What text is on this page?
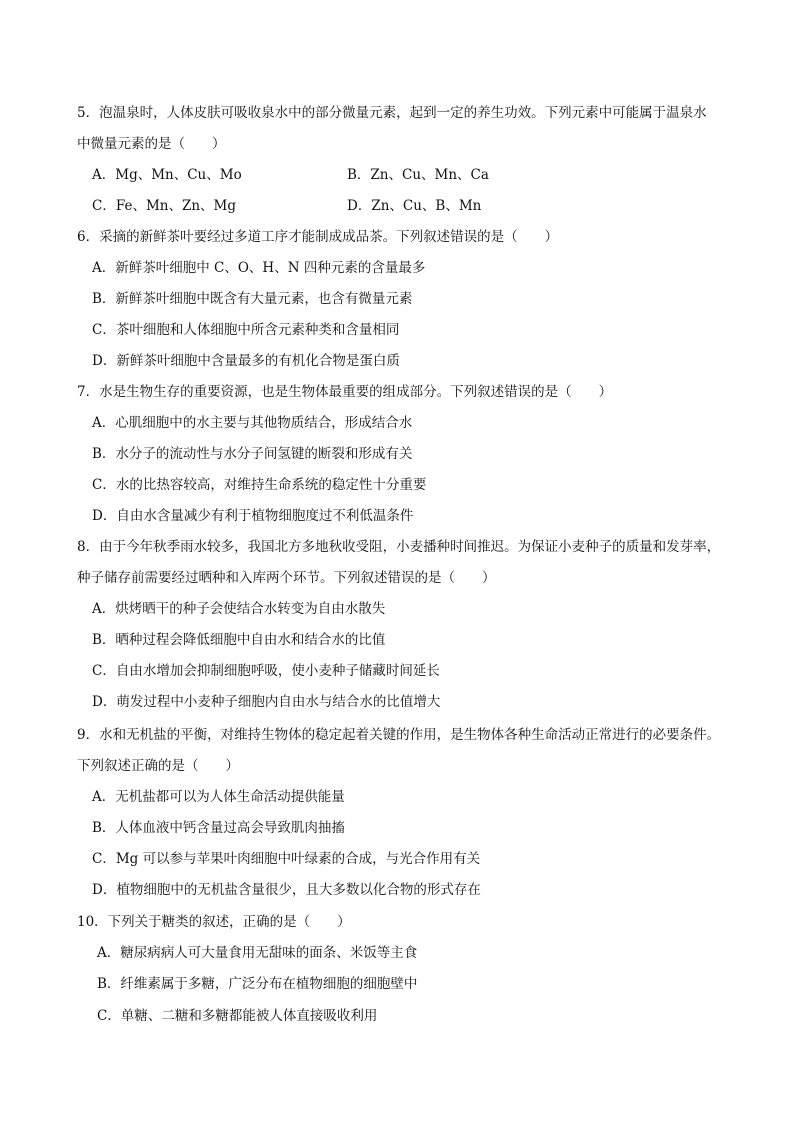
5．泡温泉时，人体皮肤可吸收泉水中的部分微量元素，起到一定的养生功效。下列元素中可能属于温泉水
中微量元素的是（　　）
A．Mg、Mn、Cu、Mo	B．Zn、Cu、Mn、Ca
C．Fe、Mn、Zn、Mg	D．Zn、Cu、B、Mn
6．采摘的新鲜茶叶要经过多道工序才能制成成品茶。下列叙述错误的是（　　）
A．新鲜茶叶细胞中 C、O、H、N 四种元素的含量最多
B．新鲜茶叶细胞中既含有大量元素，也含有微量元素
C．茶叶细胞和人体细胞中所含元素种类和含量相同
D．新鲜茶叶细胞中含量最多的有机化合物是蛋白质
7．水是生物生存的重要资源，也是生物体最重要的组成部分。下列叙述错误的是（　　）
A．心肌细胞中的水主要与其他物质结合，形成结合水
B．水分子的流动性与水分子间氢键的断裂和形成有关
C．水的比热容较高，对维持生命系统的稳定性十分重要
D．自由水含量减少有利于植物细胞度过不利低温条件
8．由于今年秋季雨水较多，我国北方多地秋收受阻，小麦播种时间推迟。为保证小麦种子的质量和发芽率，
种子储存前需要经过晒种和入库两个环节。下列叙述错误的是（　　）
A．烘烤晒干的种子会使结合水转变为自由水散失
B．晒种过程会降低细胞中自由水和结合水的比值
C．自由水增加会抑制细胞呼吸，使小麦种子储藏时间延长
D．萌发过程中小麦种子细胞内自由水与结合水的比值增大
9．水和无机盐的平衡，对维持生物体的稳定起着关键的作用，是生物体各种生命活动正常进行的必要条件。
下列叙述正确的是（　　）
A．无机盐都可以为人体生命活动提供能量
B．人体血液中钙含量过高会导致肌肉抽搐
C．Mg 可以参与苹果叶肉细胞中叶绿素的合成，与光合作用有关
D．植物细胞中的无机盐含量很少，且大多数以化合物的形式存在
10．下列关于糖类的叙述，正确的是（　　）
A．糖尿病病人可大量食用无甜味的面条、米饭等主食
B．纤维素属于多糖，广泛分布在植物细胞的细胞壁中
C．单糖、二糖和多糖都能被人体直接吸收利用
